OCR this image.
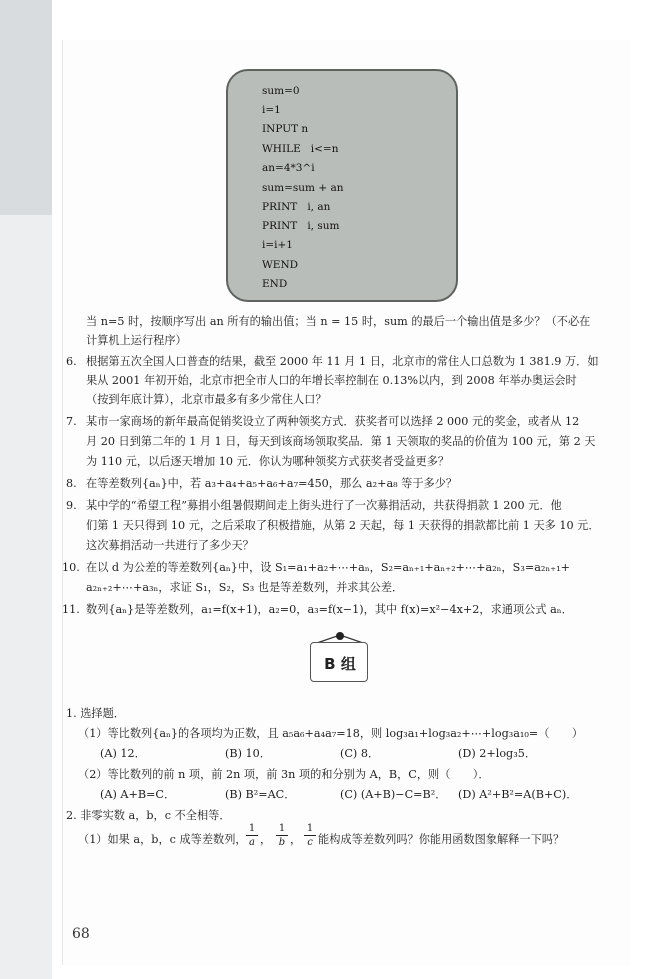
sum=0
i=1
INPUT n
WHILE   i<=n
an=4*3^i
sum=sum + an
PRINT   i, an
PRINT   i, sum
i=i+1
WEND
END
当 n=5 时，按顺序写出 an 所有的输出值；当 n = 15 时，sum 的最后一个输出值是多少？（不必在
计算机上运行程序）
6. 根据第五次全国人口普查的结果，截至 2000 年 11 月 1 日，北京市的常住人口总数为 1 381.9 万．如
果从 2001 年初开始，北京市把全市人口的年增长率控制在 0.13%以内，到 2008 年举办奥运会时
（按到年底计算），北京市最多有多少常住人口？
7. 某市一家商场的新年最高促销奖设立了两种领奖方式．获奖者可以选择 2 000 元的奖金，或者从 12
月 20 日到第二年的 1 月 1 日，每天到该商场领取奖品．第 1 天领取的奖品的价值为 100 元，第 2 天
为 110 元，以后逐天增加 10 元．你认为哪种领奖方式获奖者受益更多？
8. 在等差数列{aₙ}中，若 a₃+a₄+a₅+a₆+a₇=450，那么 a₂+a₈ 等于多少？
9. 某中学的“希望工程”募捐小组暑假期间走上街头进行了一次募捐活动，共获得捐款 1 200 元．他
们第 1 天只得到 10 元，之后采取了积极措施，从第 2 天起，每 1 天获得的捐款都比前 1 天多 10 元．
这次募捐活动一共进行了多少天？
10. 在以 d 为公差的等差数列{aₙ}中，设 S₁=a₁+a₂+⋯+aₙ，S₂=aₙ₊₁+aₙ₊₂+⋯+a₂ₙ，S₃=a₂ₙ₊₁+
a₂ₙ₊₂+⋯+a₃ₙ，求证 S₁，S₂，S₃ 也是等差数列，并求其公差．
11. 数列{aₙ}是等差数列，a₁=f(x+1)，a₂=0，a₃=f(x−1)，其中 f(x)=x²−4x+2，求通项公式 aₙ．
B 组
1. 选择题．
（1）等比数列{aₙ}的各项均为正数，且 a₅a₆+a₄a₇=18，则 log₃a₁+log₃a₂+⋯+log₃a₁₀=（　　）
(A) 12．	(B) 10．	(C) 8．	(D) 2+log₃5．
（2）等比数列的前 n 项，前 2n 项，前 3n 项的和分别为 A，B，C，则（　　）．
(A) A+B=C．	(B) B²=AC．	(C) (A+B)−C=B²． (D) A²+B²=A(B+C)．
2. 非零实数 a，b，c 不全相等．
（1）如果 a，b，c 成等差数列， $\frac{1}{a}$ ， $\frac{1}{b}$ ， $\frac{1}{c}$ 能构成等差数列吗？你能用函数图象解释一下吗？
68
